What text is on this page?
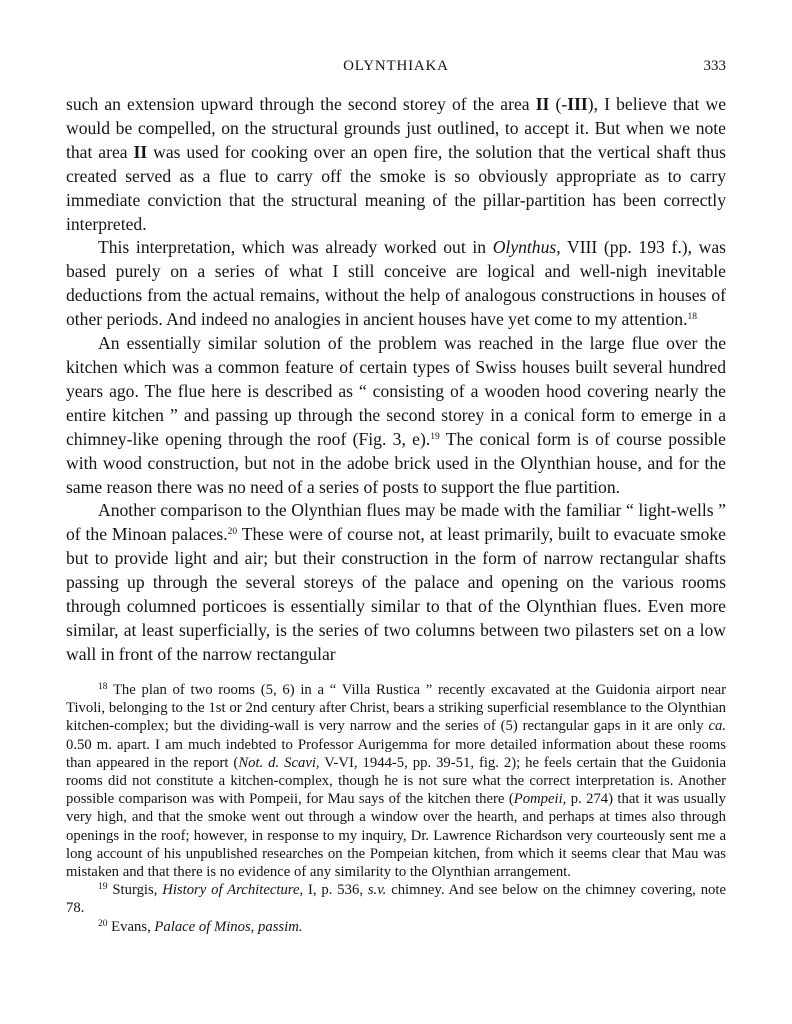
OLYNTHIAKA	333

such an extension upward through the second storey of the area II (-III), I believe that we would be compelled, on the structural grounds just outlined, to accept it. But when we note that area II was used for cooking over an open fire, the solution that the vertical shaft thus created served as a flue to carry off the smoke is so obviously appropriate as to carry immediate conviction that the structural meaning of the pillar-partition has been correctly interpreted.

This interpretation, which was already worked out in Olynthus, VIII (pp. 193 f.), was based purely on a series of what I still conceive are logical and well-nigh inevitable deductions from the actual remains, without the help of analogous constructions in houses of other periods. And indeed no analogies in ancient houses have yet come to my attention.$^{18}$

An essentially similar solution of the problem was reached in the large flue over the kitchen which was a common feature of certain types of Swiss houses built several hundred years ago. The flue here is described as “ consisting of a wooden hood covering nearly the entire kitchen ” and passing up through the second storey in a conical form to emerge in a chimney-like opening through the roof (Fig. 3, e).$^{19}$ The conical form is of course possible with wood construction, but not in the adobe brick used in the Olynthian house, and for the same reason there was no need of a series of posts to support the flue partition.

Another comparison to the Olynthian flues may be made with the familiar “ light-wells ” of the Minoan palaces.$^{20}$ These were of course not, at least primarily, built to evacuate smoke but to provide light and air; but their construction in the form of narrow rectangular shafts passing up through the several storeys of the palace and opening on the various rooms through columned porticoes is essentially similar to that of the Olynthian flues. Even more similar, at least superficially, is the series of two columns between two pilasters set on a low wall in front of the narrow rectangular

$^{18}$ The plan of two rooms (5, 6) in a “ Villa Rustica ” recently excavated at the Guidonia airport near Tivoli, belonging to the 1st or 2nd century after Christ, bears a striking superficial resemblance to the Olynthian kitchen-complex; but the dividing-wall is very narrow and the series of (5) rectangular gaps in it are only ca. 0.50 m. apart. I am much indebted to Professor Aurigemma for more detailed information about these rooms than appeared in the report (Not. d. Scavi, V-VI, 1944-5, pp. 39-51, fig. 2); he feels certain that the Guidonia rooms did not constitute a kitchen-complex, though he is not sure what the correct interpretation is. Another possible comparison was with Pompeii, for Mau says of the kitchen there (Pompeii, p. 274) that it was usually very high, and that the smoke went out through a window over the hearth, and perhaps at times also through openings in the roof; however, in response to my inquiry, Dr. Lawrence Richardson very courteously sent me a long account of his unpublished researches on the Pompeian kitchen, from which it seems clear that Mau was mistaken and that there is no evidence of any similarity to the Olynthian arrangement.

$^{19}$ Sturgis, History of Architecture, I, p. 536, s.v. chimney. And see below on the chimney covering, note 78.

$^{20}$ Evans, Palace of Minos, passim.
